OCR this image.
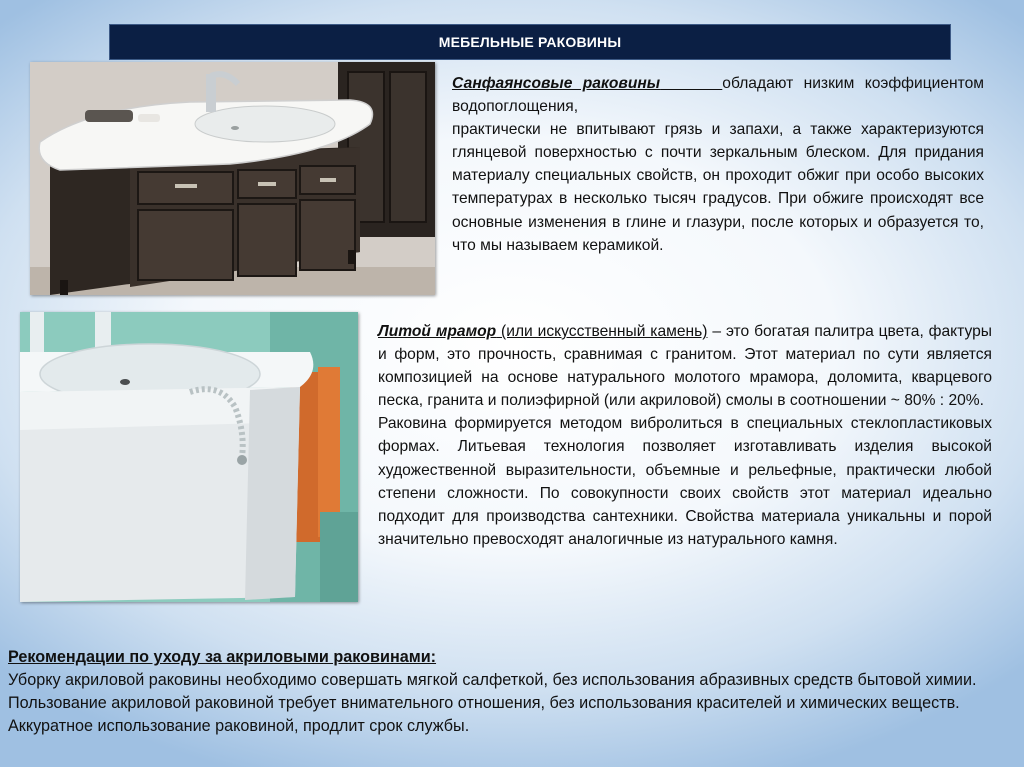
МЕБЕЛЬНЫЕ РАКОВИНЫ
Санфаянсовые раковины	обладают низким коэффициентом водопоглощения,
практически не впитывают грязь и запахи, а также характеризуются глянцевой поверхностью с почти зеркальным блеском. Для придания материалу специальных свойств, он проходит обжиг при особо высоких температурах в несколько тысяч градусов. При обжиге происходят все основные изменения в глине и глазури, после которых и образуется то, что мы называем керамикой.
Литой мрамор (или искусственный камень) – это богатая палитра цвета, фактуры и форм, это прочность, сравнимая с гранитом. Этот материал по сути является композицией на основе натурального молотого мрамора, доломита, кварцевого песка, гранита и полиэфирной (или акриловой) смолы в соотношении ~ 80% : 20%.
Раковина формируется методом вибролиться в специальных стеклопластиковых формах. Литьевая технология позволяет изготавливать изделия высокой художественной выразительности, объемные и рельефные, практически любой степени сложности. По совокупности своих свойств этот материал идеально подходит для производства сантехники. Свойства материала уникальны и порой значительно превосходят аналогичные из натурального камня.
Рекомендации по уходу за акриловыми раковинами:
Уборку акриловой раковины необходимо совершать мягкой салфеткой, без использования абразивных средств бытовой химии.
Пользование акриловой раковиной требует внимательного отношения, без использования красителей и химических веществ. Аккуратное использование раковиной, продлит срок службы.
